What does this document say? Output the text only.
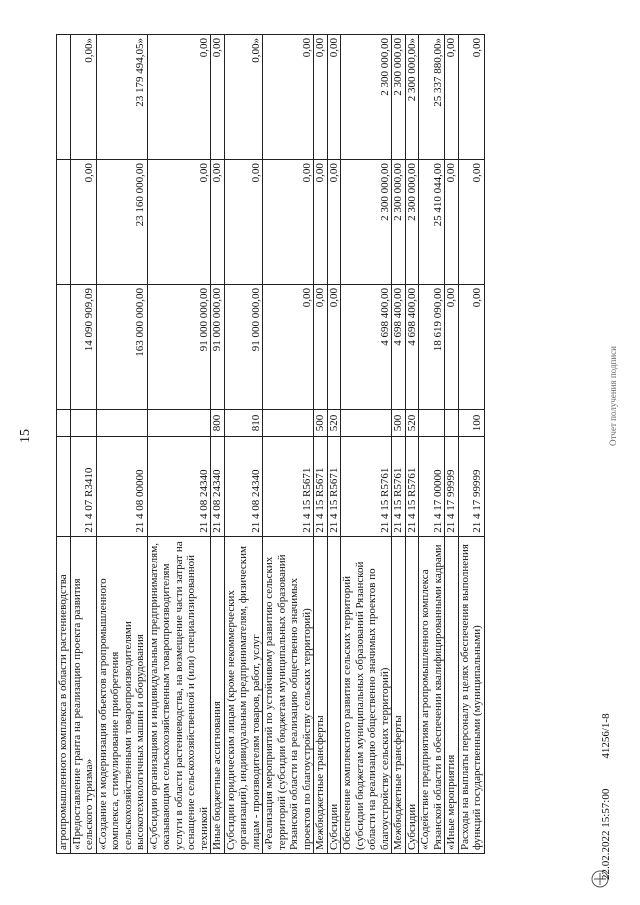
15
агропромышленного комплекса в области растениеводства					
«Предоставление гранта на реализацию проекта развития сельского туризма»	21 4 07 R3410		14 090 909,09	0,00	0,00»
«Создание и модернизация объектов агропромышленного комплекса, стимулирование приобретения сельскохозяйственными товаропроизводителями высокотехнологичных машин и оборудования	21 4 08 00000		163 000 000,00	23 160 000,00	23 179 494,05»
«Субсидии организациям и индивидуальным предпринимателям, оказывающим сельскохозяйственным товаропроизводителям услуги в области растениеводства, на возмещение части затрат на оснащение сельскохозяйственной и (или) специализированной техникой	21 4 08 24340		91 000 000,00	0,00	0,00
Иные бюджетные ассигнования	21 4 08 24340	800	91 000 000,00	0,00	0,00
Субсидии юридическим лицам (кроме некоммерческих организаций), индивидуальным предпринимателям, физическим лицам - производителям товаров, работ, услуг	21 4 08 24340	810	91 000 000,00	0,00	0,00»
«Реализация мероприятий по устойчивому развитию сельских территорий (субсидии бюджетам муниципальных образований Рязанской области на реализацию общественно значимых проектов по благоустройству сельских территорий)	21 4 15 R5671		0,00	0,00	0,00
Межбюджетные трансферты	21 4 15 R5671	500	0,00	0,00	0,00
Субсидии	21 4 15 R5671	520	0,00	0,00	0,00
Обеспечение комплексного развития сельских территорий (субсидии бюджетам муниципальных образований Рязанской области на реализацию общественно значимых проектов по благоустройству сельских территорий)	21 4 15 R5761		4 698 400,00	2 300 000,00	2 300 000,00
Межбюджетные трансферты	21 4 15 R5761	500	4 698 400,00	2 300 000,00	2 300 000,00
Субсидии	21 4 15 R5761	520	4 698 400,00	2 300 000,00	2 300 000,00»
«Содействие предприятиям агропромышленного комплекса Рязанской области в обеспечении квалифицированными кадрами	21 4 17 00000		18 619 090,00	25 410 044,00	25 337 880,00»
«Иные мероприятия	21 4 17 99999		0,00	0,00	0,00
Расходы на выплаты персоналу в целях обеспечения выполнения функций государственными (муниципальными)	21 4 17 99999	100	0,00	0,00	0,00
Отчет получения подписи
22.02.2022 15:57:00
41256/1-8
